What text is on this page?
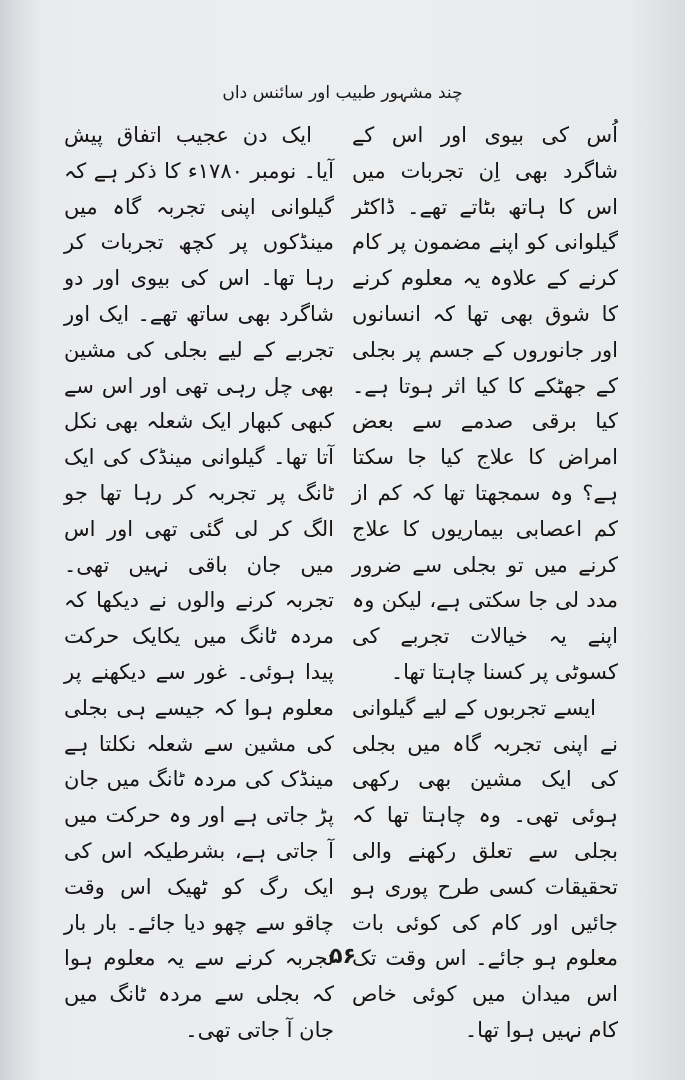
چند مشہور طبیب اور سائنس داں

اُس کی بیوی اور اس کے شاگرد بھی اِن تجربات میں اس کا ہاتھ بٹاتے تھے۔ ڈاکٹر گیلوانی کو اپنے مضمون پر کام کرنے کے علاوہ یہ معلوم کرنے کا شوق بھی تھا کہ انسانوں اور جانوروں کے جسم پر بجلی کے جھٹکے کا کیا اثر ہوتا ہے۔ کیا برقی صدمے سے بعض امراض کا علاج کیا جا سکتا ہے؟ وہ سمجھتا تھا کہ کم از کم اعصابی بیماریوں کا علاج کرنے میں تو بجلی سے ضرور مدد لی جا سکتی ہے، لیکن وہ اپنے یہ خیالات تجربے کی کسوٹی پر کسنا چاہتا تھا۔

ایسے تجربوں کے لیے گیلوانی نے اپنی تجربہ گاہ میں بجلی کی ایک مشین بھی رکھی ہوئی تھی۔ وہ چاہتا تھا کہ بجلی سے تعلق رکھنے والی تحقیقات کسی طرح پوری ہو جائیں اور کام کی کوئی بات معلوم ہو جائے۔ اس وقت تک اس میدان میں کوئی خاص کام نہیں ہوا تھا۔

ایک دن عجیب اتفاق پیش آیا۔ نومبر ۱۷۸۰ء کا ذکر ہے کہ گیلوانی اپنی تجربہ گاہ میں مینڈکوں پر کچھ تجربات کر رہا تھا۔ اس کی بیوی اور دو شاگرد بھی ساتھ تھے۔ ایک اور تجربے کے لیے بجلی کی مشین بھی چل رہی تھی اور اس سے کبھی کبھار ایک شعلہ بھی نکل آتا تھا۔ گیلوانی مینڈک کی ایک ٹانگ پر تجربہ کر رہا تھا جو الگ کر لی گئی تھی اور اس میں جان باقی نہیں تھی۔ تجربہ کرنے والوں نے دیکھا کہ مردہ ٹانگ میں یکایک حرکت پیدا ہوئی۔ غور سے دیکھنے پر معلوم ہوا کہ جیسے ہی بجلی کی مشین سے شعلہ نکلتا ہے مینڈک کی مردہ ٹانگ میں جان پڑ جاتی ہے اور وہ حرکت میں آ جاتی ہے، بشرطیکہ اس کی ایک رگ کو ٹھیک اس وقت چاقو سے چھو دیا جائے۔ بار بار تجربہ کرنے سے یہ معلوم ہوا کہ بجلی سے مردہ ٹانگ میں جان آ جاتی تھی۔

۵۶
